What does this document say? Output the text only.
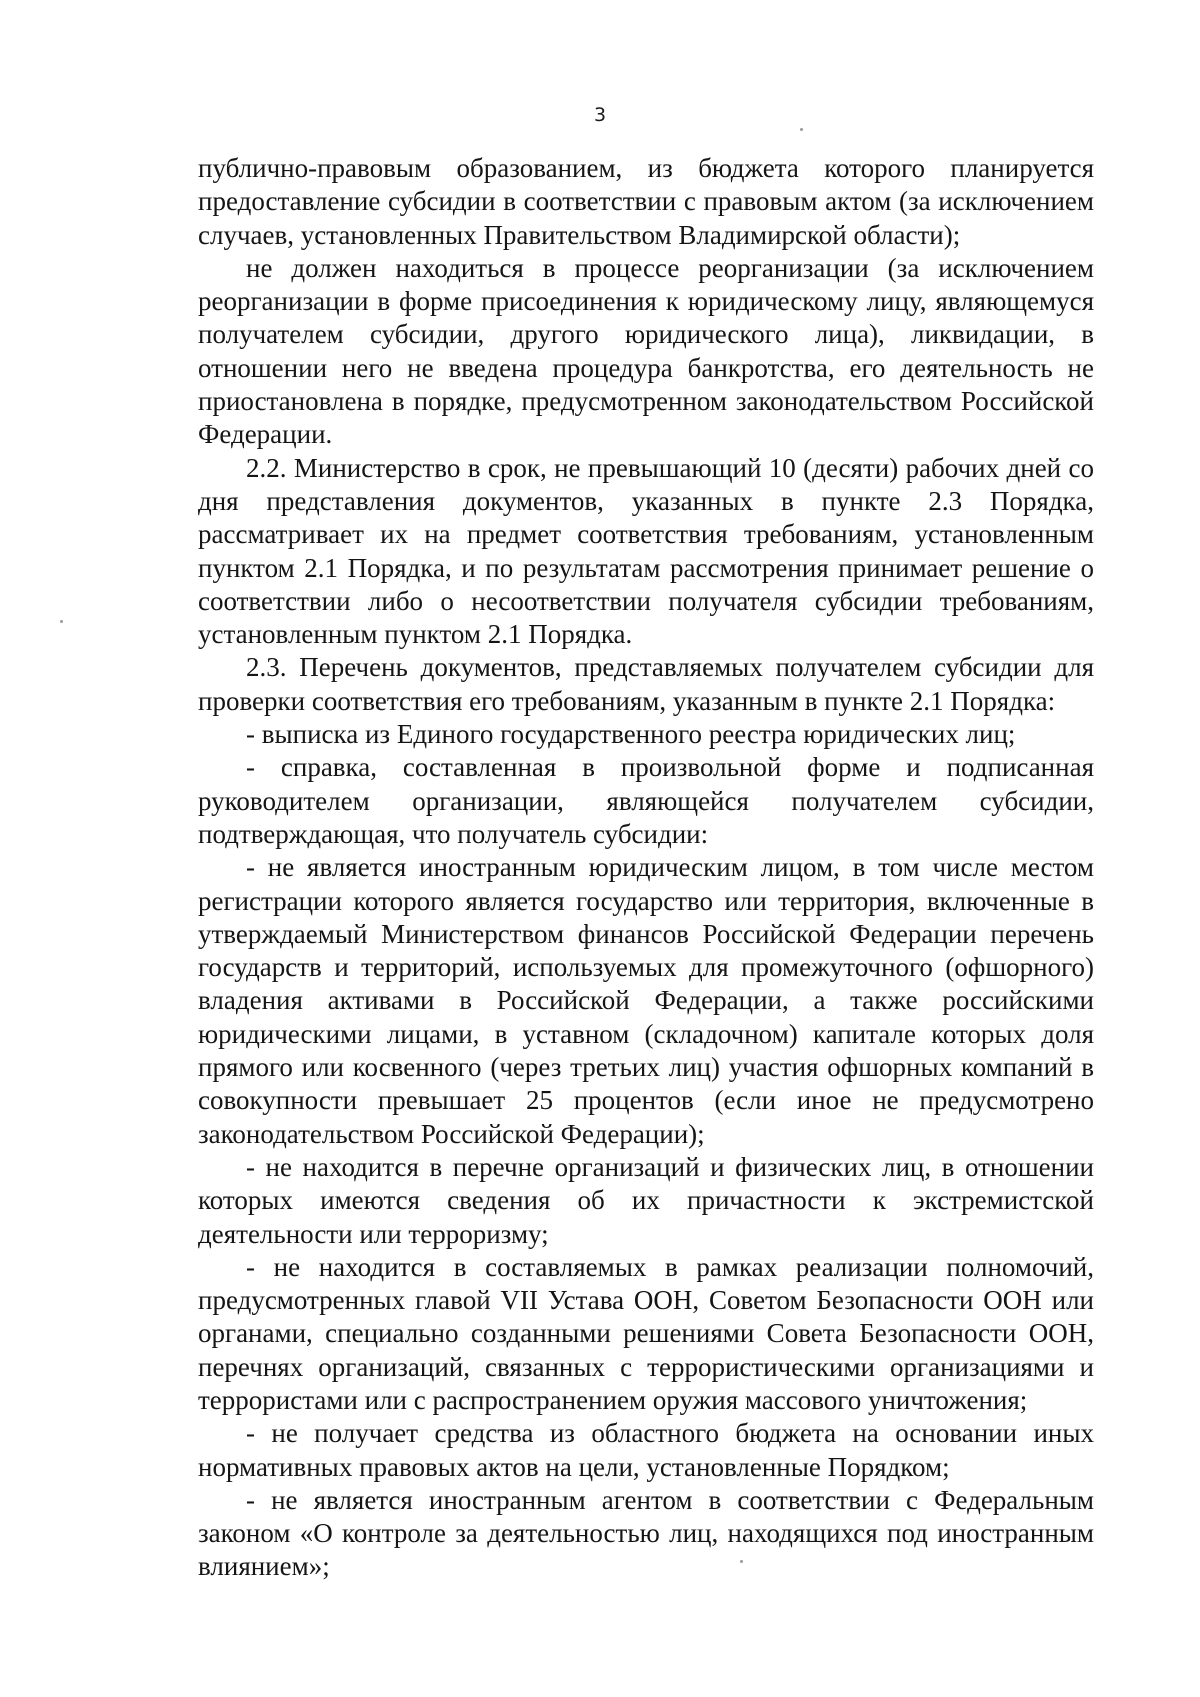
3

публично-правовым образованием, из бюджета которого планируется предоставление субсидии в соответствии с правовым актом (за исключением случаев, установленных Правительством Владимирской области);

не должен находиться в процессе реорганизации (за исключением реорганизации в форме присоединения к юридическому лицу, являющемуся получателем субсидии, другого юридического лица), ликвидации, в отношении него не введена процедура банкротства, его деятельность не приостановлена в порядке, предусмотренном законодательством Российской Федерации.

2.2. Министерство в срок, не превышающий 10 (десяти) рабочих дней со дня представления документов, указанных в пункте 2.3 Порядка, рассматривает их на предмет соответствия требованиям, установленным пунктом 2.1 Порядка, и по результатам рассмотрения принимает решение о соответствии либо о несоответствии получателя субсидии требованиям, установленным пунктом 2.1 Порядка.

2.3. Перечень документов, представляемых получателем субсидии для проверки соответствия его требованиям, указанным в пункте 2.1 Порядка:

- выписка из Единого государственного реестра юридических лиц;

- справка, составленная в произвольной форме и подписанная руководителем организации, являющейся получателем субсидии, подтверждающая, что получатель субсидии:

- не является иностранным юридическим лицом, в том числе местом регистрации которого является государство или территория, включенные в утверждаемый Министерством финансов Российской Федерации перечень государств и территорий, используемых для промежуточного (офшорного) владения активами в Российской Федерации, а также российскими юридическими лицами, в уставном (складочном) капитале которых доля прямого или косвенного (через третьих лиц) участия офшорных компаний в совокупности превышает 25 процентов (если иное не предусмотрено законодательством Российской Федерации);

- не находится в перечне организаций и физических лиц, в отношении которых имеются сведения об их причастности к экстремистской деятельности или терроризму;

- не находится в составляемых в рамках реализации полномочий, предусмотренных главой VII Устава ООН, Советом Безопасности ООН или органами, специально созданными решениями Совета Безопасности ООН, перечнях организаций, связанных с террористическими организациями и террористами или с распространением оружия массового уничтожения;

- не получает средства из областного бюджета на основании иных нормативных правовых актов на цели, установленные Порядком;

- не является иностранным агентом в соответствии с Федеральным законом «О контроле за деятельностью лиц, находящихся под иностранным влиянием»;
